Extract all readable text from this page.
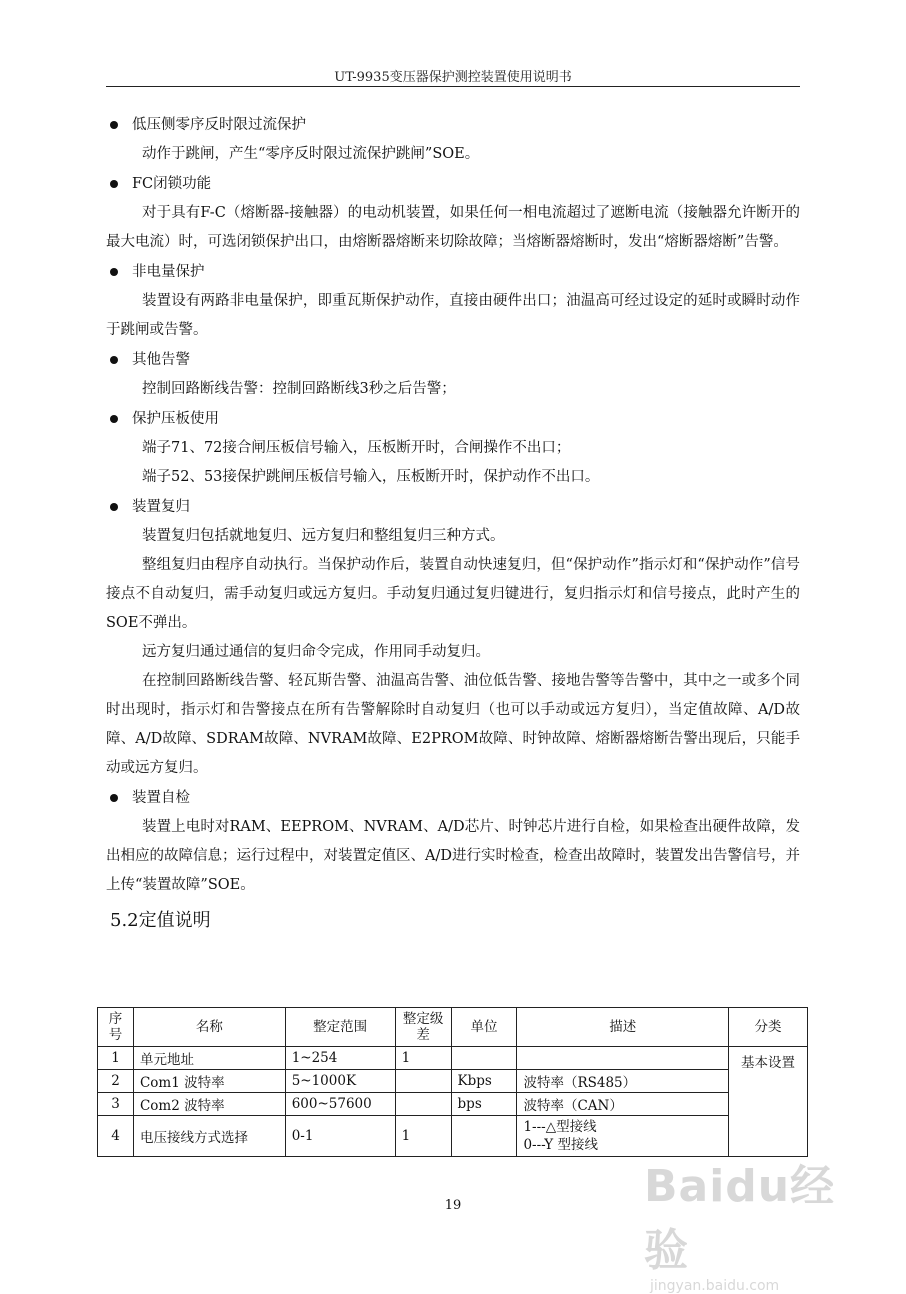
UT-9935变压器保护测控装置使用说明书
低压侧零序反时限过流保护

动作于跳闸，产生“零序反时限过流保护跳闸”SOE。

FC闭锁功能

对于具有F-C（熔断器-接触器）的电动机装置，如果任何一相电流超过了遮断电流（接触器允许断开的最大电流）时，可选闭锁保护出口，由熔断器熔断来切除故障；当熔断器熔断时，发出“熔断器熔断”告警。

非电量保护

装置设有两路非电量保护，即重瓦斯保护动作，直接由硬件出口；油温高可经过设定的延时或瞬时动作于跳闸或告警。

其他告警

控制回路断线告警：控制回路断线3秒之后告警；

保护压板使用

端子71、72接合闸压板信号输入，压板断开时，合闸操作不出口；

端子52、53接保护跳闸压板信号输入，压板断开时，保护动作不出口。

装置复归

装置复归包括就地复归、远方复归和整组复归三种方式。

整组复归由程序自动执行。当保护动作后，装置自动快速复归，但“保护动作”指示灯和“保护动作”信号接点不自动复归，需手动复归或远方复归。手动复归通过复归键进行，复归指示灯和信号接点，此时产生的SOE不弹出。

远方复归通过通信的复归命令完成，作用同手动复归。

在控制回路断线告警、轻瓦斯告警、油温高告警、油位低告警、接地告警等告警中，其中之一或多个同时出现时，指示灯和告警接点在所有告警解除时自动复归（也可以手动或远方复归），当定值故障、A/D故障、A/D故障、SDRAM故障、NVRAM故障、E2PROM故障、时钟故障、熔断器熔断告警出现后，只能手动或远方复归。

装置自检

装置上电时对RAM、EEPROM、NVRAM、A/D芯片、时钟芯片进行自检，如果检查出硬件故障，发出相应的故障信息；运行过程中，对装置定值区、A/D进行实时检查，检查出故障时，装置发出告警信号，并上传“装置故障”SOE。

5.2定值说明
序号	名称	整定范围	整定级差	单位	描述	分类
1	单元地址	1~254	1			基本设置
2	Com1 波特率	5~1000K		Kbps	波特率（RS485）	
3	Com2 波特率	600~57600		bps	波特率（CAN）	
4	电压接线方式选择	0-1	1		1---△型接线
0---Y 型接线	
19	Baidu经验
jingyan.baidu.com
